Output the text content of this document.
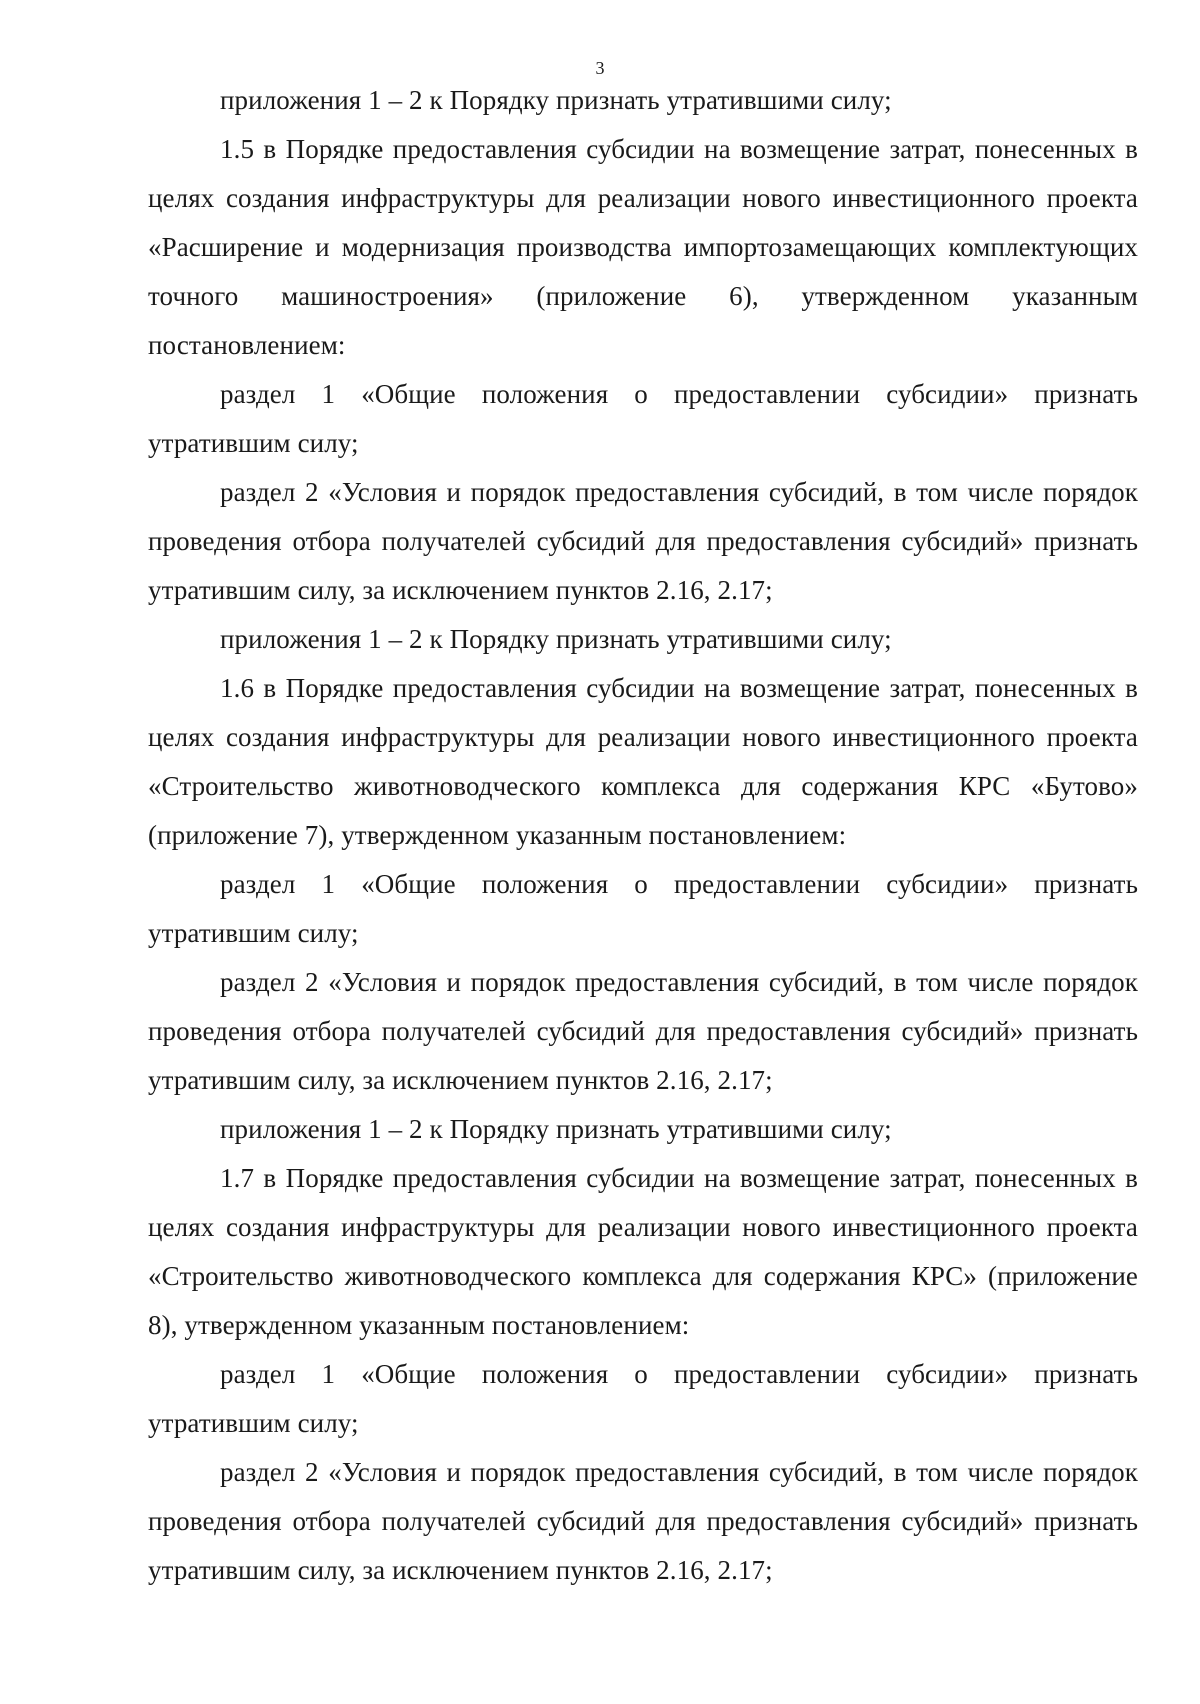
3

приложения 1 – 2 к Порядку признать утратившими силу;

1.5 в Порядке предоставления субсидии на возмещение затрат, понесенных в целях создания инфраструктуры для реализации нового инвестиционного проекта «Расширение и модернизация производства импортозамещающих комплектующих точного машиностроения» (приложение 6), утвержденном указанным постановлением:

раздел 1 «Общие положения о предоставлении субсидии» признать утратившим силу;

раздел 2 «Условия и порядок предоставления субсидий, в том числе порядок проведения отбора получателей субсидий для предоставления субсидий» признать утратившим силу, за исключением пунктов 2.16, 2.17;

приложения 1 – 2 к Порядку признать утратившими силу;

1.6 в Порядке предоставления субсидии на возмещение затрат, понесенных в целях создания инфраструктуры для реализации нового инвестиционного проекта «Строительство животноводческого комплекса для содержания КРС «Бутово» (приложение 7), утвержденном указанным постановлением:

раздел 1 «Общие положения о предоставлении субсидии» признать утратившим силу;

раздел 2 «Условия и порядок предоставления субсидий, в том числе порядок проведения отбора получателей субсидий для предоставления субсидий» признать утратившим силу, за исключением пунктов 2.16, 2.17;

приложения 1 – 2 к Порядку признать утратившими силу;

1.7 в Порядке предоставления субсидии на возмещение затрат, понесенных в целях создания инфраструктуры для реализации нового инвестиционного проекта «Строительство животноводческого комплекса для содержания КРС» (приложение 8), утвержденном указанным постановлением:

раздел 1 «Общие положения о предоставлении субсидии» признать утратившим силу;

раздел 2 «Условия и порядок предоставления субсидий, в том числе порядок проведения отбора получателей субсидий для предоставления субсидий» признать утратившим силу, за исключением пунктов 2.16, 2.17;
